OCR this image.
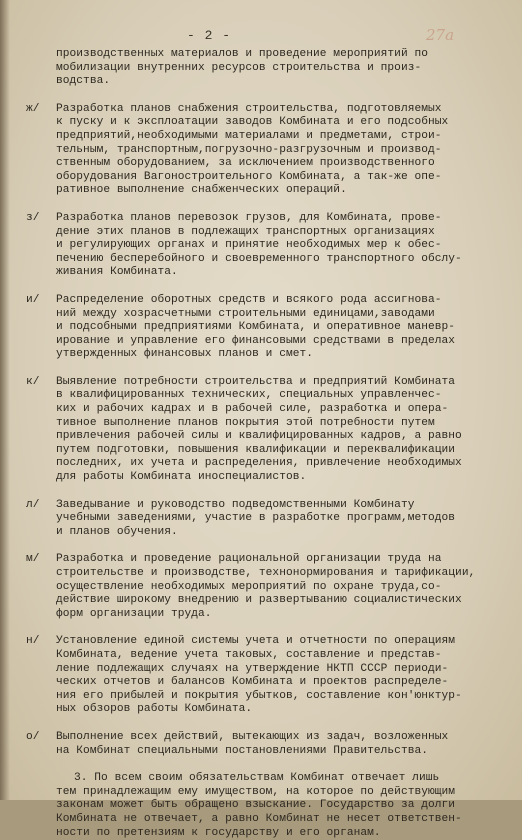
- 2 -	27а
производственных материалов и проведение мероприятий по
мобилизации внутренних ресурсов строительства и произ-
водства.
ж/	Разработка планов снабжения строительства, подготовляемых
к пуску и к эксплоатации заводов Комбината и его подсобных
предприятий,необходимыми материалами и предметами, строи-
тельным, транспортным,погрузочно-разгрузочным и производ-
ственным оборудованием, за исключением производственного
оборудования Вагоностроительного Комбината, а так-же опе-
ративное выполнение снабженческих операций.
з/	Разработка планов перевозок грузов, для Комбината, прове-
дение этих планов в подлежащих транспортных организациях
и регулирующих органах и принятие необходимых мер к обес-
печению бесперебойного и своевременного транспортного обслу-
живания Комбината.
и/	Распределение оборотных средств и всякого рода ассигнова-
ний между хозрасчетными строительными единицами,заводами
и подсобными предприятиями Комбината, и оперативное маневр-
ирование и управление его финансовыми средствами в пределах
утвержденных финансовых планов и смет.
к/	Выявление потребности строительства и предприятий Комбината
в квалифицированных технических, специальных управленчес-
ких и рабочих кадрах и в рабочей силе, разработка и опера-
тивное выполнение планов покрытия этой потребности путем
привлечения рабочей силы и квалифицированных кадров, а равно
путем подготовки, повышения квалификации и переквалификации
последних, их учета и распределения, привлечение необходимых
для работы Комбината иноспециалистов.
л/	Заведывание и руководство подведомственными Комбинату
учебными заведениями, участие в разработке программ,методов
и планов обучения.
м/	Разработка и проведение рациональной организации труда на
строительстве и производстве, технонормирования и тарификации,
осуществление необходимых мероприятий по охране труда,со-
действие широкому внедрению и развертыванию социалистических
форм организации труда.
н/	Установление единой системы учета и отчетности по операциям
Комбината, ведение учета таковых, составление и представ-
ление подлежащих случаях на утверждение НКТП СССР периоди-
ческих отчетов и балансов Комбината и проектов распределе-
ния его прибылей и покрытия убытков, составление кон'юнктур-
ных обзоров работы Комбината.
о/	Выполнение всех действий, вытекающих из задач, возложенных
на Комбинат специальными постановлениями Правительства.
3. По всем своим обязательствам Комбинат отвечает лишь
тем принадлежащим ему имуществом, на которое по действующим
законам может быть обращено взыскание. Государство за долги
Комбината не отвечает, а равно Комбинат не несет ответствен-
ности по претензиям к государству и его органам.
